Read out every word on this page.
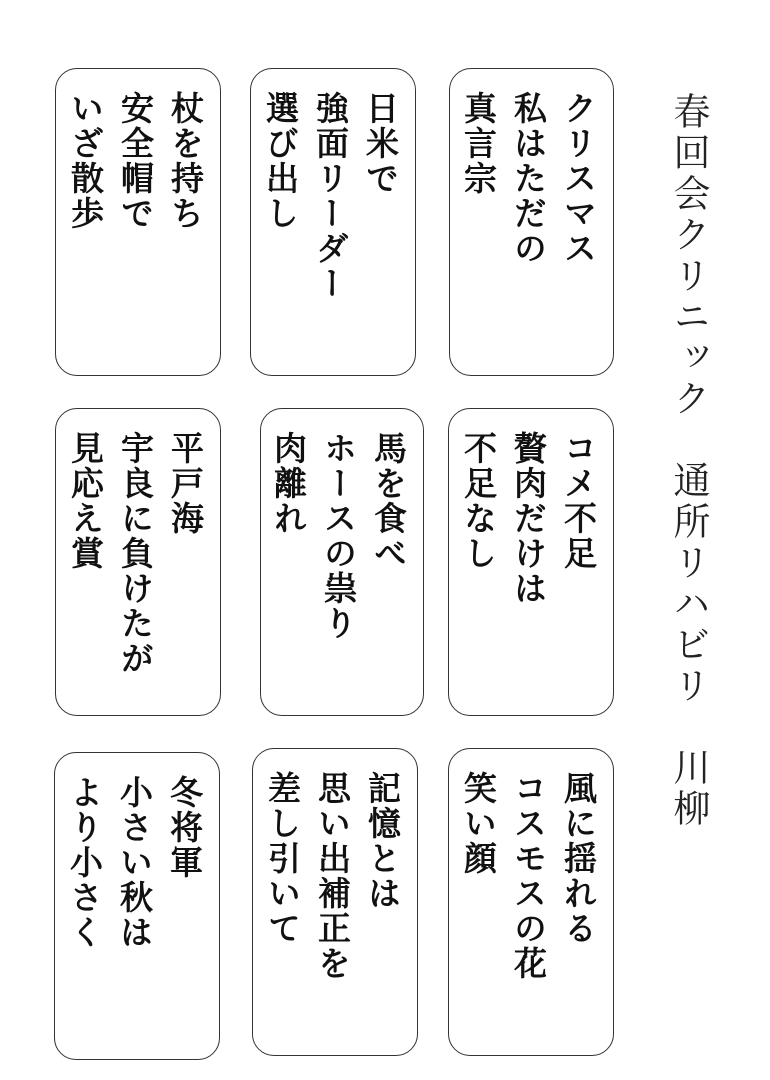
春回会クリニック　通所リハビリ　川柳
クリスマス
私はただの
真言宗
日米で
強面リーダー
選び出し
杖を持ち
安全帽で
いざ散歩
コメ不足
贅肉だけは
不足なし
馬を食べ
ホースの祟り
肉離れ
平戸海
宇良に負けたが
見応え賞
風に揺れる
コスモスの花
笑い顔
記憶とは
思い出補正を
差し引いて
冬将軍
小さい秋は
より小さく
